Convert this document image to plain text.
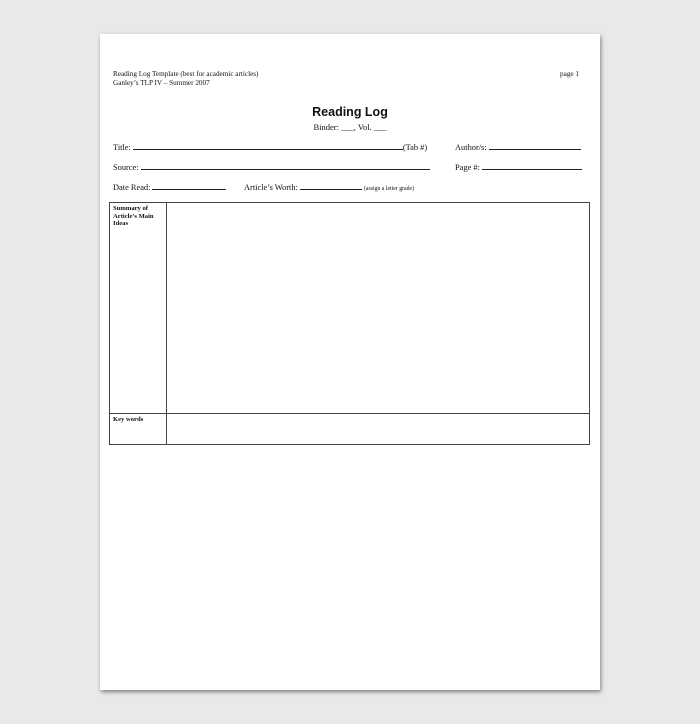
Reading Log Template (best for academic articles)
Ganley’s TLP IV – Summer 2007
page 1
Reading Log
Binder: ___, Vol. ___
Title:	(Tab #)	Author/s:
Source:	Page #:
Date Read:	Article’s Worth:	(assign a letter grade)
Summary of Article’s Main Ideas	
Key words	
